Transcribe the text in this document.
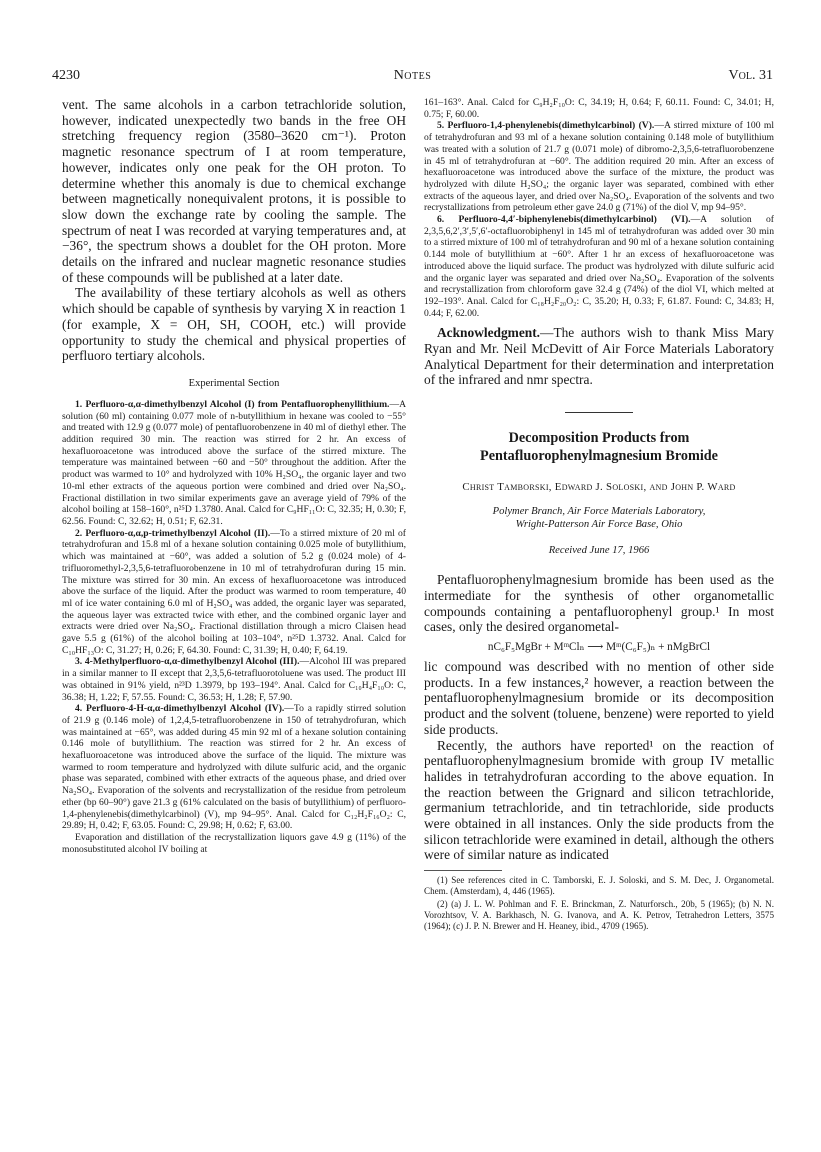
4230	Notes	Vol. 31

vent. The same alcohols in a carbon tetrachloride solution, however, indicated unexpectedly two bands in the free OH stretching frequency region (3580–3620 cm⁻¹). Proton magnetic resonance spectrum of I at room temperature, however, indicates only one peak for the OH proton. To determine whether this anomaly is due to chemical exchange between magnetically nonequivalent protons, it is possible to slow down the exchange rate by cooling the sample. The spectrum of neat I was recorded at varying temperatures and, at −36°, the spectrum shows a doublet for the OH proton. More details on the infrared and nuclear magnetic resonance studies of these compounds will be published at a later date.

The availability of these tertiary alcohols as well as others which should be capable of synthesis by varying X in reaction 1 (for example, X = OH, SH, COOH, etc.) will provide opportunity to study the chemical and physical properties of perfluoro tertiary alcohols.

Experimental Section

1. Perfluoro-α,α-dimethylbenzyl Alcohol (I) from Pentafluorophenyllithium.—A solution (60 ml) containing 0.077 mole of n-butyllithium in hexane was cooled to −55° and treated with 12.9 g (0.077 mole) of pentafluorobenzene in 40 ml of diethyl ether. The addition required 30 min. The reaction was stirred for 2 hr. An excess of hexafluoroacetone was introduced above the surface of the stirred mixture. The temperature was maintained between −60 and −50° throughout the addition. After the product was warmed to 10° and hydrolyzed with 10% H₂SO₄, the organic layer and two 10-ml ether extracts of the aqueous portion were combined and dried over Na₂SO₄. Fractional distillation in two similar experiments gave an average yield of 79% of the alcohol boiling at 158–160°, n²⁵D 1.3780. Anal. Calcd for C₉HF₁₁O: C, 32.35; H, 0.30; F, 62.56. Found: C, 32.62; H, 0.51; F, 62.31.

2. Perfluoro-α,α,p-trimethylbenzyl Alcohol (II).—To a stirred mixture of 20 ml of tetrahydrofuran and 15.8 ml of a hexane solution containing 0.025 mole of butyllithium, which was maintained at −60°, was added a solution of 5.2 g (0.024 mole) of 4-trifluoromethyl-2,3,5,6-tetrafluorobenzene in 10 ml of tetrahydrofuran during 15 min. The mixture was stirred for 30 min. An excess of hexafluoroacetone was introduced above the surface of the liquid. After the product was warmed to room temperature, 40 ml of ice water containing 6.0 ml of H₂SO₄ was added, the organic layer was separated, the aqueous layer was extracted twice with ether, and the combined organic layer and extracts were dried over Na₂SO₄. Fractional distillation through a micro Claisen head gave 5.5 g (61%) of the alcohol boiling at 103–104°, n²⁵D 1.3732. Anal. Calcd for C₁₀HF₁₃O: C, 31.27; H, 0.26; F, 64.30. Found: C, 31.39; H, 0.40; F, 64.19.

3. 4-Methylperfluoro-α,α-dimethylbenzyl Alcohol (III).—Alcohol III was prepared in a similar manner to II except that 2,3,5,6-tetrafluorotoluene was used. The product III was obtained in 91% yield, n²³D 1.3979, bp 193–194°. Anal. Calcd for C₁₀H₄F₁₀O: C, 36.38; H, 1.22; F, 57.55. Found: C, 36.53; H, 1.28; F, 57.90.

4. Perfluoro-4-H-α,α-dimethylbenzyl Alcohol (IV).—To a rapidly stirred solution of 21.9 g (0.146 mole) of 1,2,4,5-tetrafluorobenzene in 150 of tetrahydrofuran, which was maintained at −65°, was added during 45 min 92 ml of a hexane solution containing 0.146 mole of butyllithium. The reaction was stirred for 2 hr. An excess of hexafluoroacetone was introduced above the surface of the liquid. The mixture was warmed to room temperature and hydrolyzed with dilute sulfuric acid, and the organic phase was separated, combined with ether extracts of the aqueous phase, and dried over Na₂SO₄. Evaporation of the solvents and recrystallization of the residue from petroleum ether (bp 60–90°) gave 21.3 g (61% calculated on the basis of butyllithium) of perfluoro-1,4-phenylenebis(dimethylcarbinol) (V), mp 94–95°. Anal. Calcd for C₁₂H₂F₁₆O₂: C, 29.89; H, 0.42; F, 63.05. Found: C, 29.98; H, 0.62; F, 63.00.

Evaporation and distillation of the recrystallization liquors gave 4.9 g (11%) of the monosubstituted alcohol IV boiling at

161–163°. Anal. Calcd for C₉H₂F₁₀O: C, 34.19; H, 0.64; F, 60.11. Found: C, 34.01; H, 0.75; F, 60.00.

5. Perfluoro-1,4-phenylenebis(dimethylcarbinol) (V).—A stirred mixture of 100 ml of tetrahydrofuran and 93 ml of a hexane solution containing 0.148 mole of butyllithium was treated with a solution of 21.7 g (0.071 mole) of dibromo-2,3,5,6-tetrafluorobenzene in 45 ml of tetrahydrofuran at −60°. The addition required 20 min. After an excess of hexafluoroacetone was introduced above the surface of the mixture, the product was hydrolyzed with dilute H₂SO₄; the organic layer was separated, combined with ether extracts of the aqueous layer, and dried over Na₂SO₄. Evaporation of the solvents and two recrystallizations from petroleum ether gave 24.0 g (71%) of the diol V, mp 94–95°.

6. Perfluoro-4,4′-biphenylenebis(dimethylcarbinol) (VI).—A solution of 2,3,5,6,2′,3′,5′,6′-octafluorobiphenyl in 145 ml of tetrahydrofuran was added over 30 min to a stirred mixture of 100 ml of tetrahydrofuran and 90 ml of a hexane solution containing 0.144 mole of butyllithium at −60°. After 1 hr an excess of hexafluoroacetone was introduced above the liquid surface. The product was hydrolyzed with dilute sulfuric acid and the organic layer was separated and dried over Na₂SO₄. Evaporation of the solvents and recrystallization from chloroform gave 32.4 g (74%) of the diol VI, which melted at 192–193°. Anal. Calcd for C₁₈H₂F₂₀O₂: C, 35.20; H, 0.33; F, 61.87. Found: C, 34.83; H, 0.44; F, 62.00.

Acknowledgment.—The authors wish to thank Miss Mary Ryan and Mr. Neil McDevitt of Air Force Materials Laboratory Analytical Department for their determination and interpretation of the infrared and nmr spectra.

Decomposition Products from

Pentafluorophenylmagnesium Bromide

Christ Tamborski, Edward J. Soloski, and John P. Ward

Polymer Branch, Air Force Materials Laboratory,

Wright-Patterson Air Force Base, Ohio

Received June 17, 1966

Pentafluorophenylmagnesium bromide has been used as the intermediate for the synthesis of other organometallic compounds containing a pentafluorophenyl group.¹ In most cases, only the desired organometal-

nC₆F₅MgBr + MᵐClₙ ⟶ Mᵐ(C₆F₅)ₙ + nMgBrCl

lic compound was described with no mention of other side products. In a few instances,² however, a reaction between the pentafluorophenylmagnesium bromide or its decomposition product and the solvent (toluene, benzene) were reported to yield side products.

Recently, the authors have reported¹ on the reaction of pentafluorophenylmagnesium bromide with group IV metallic halides in tetrahydrofuran according to the above equation. In the reaction between the Grignard and silicon tetrachloride, germanium tetrachloride, and tin tetrachloride, side products were obtained in all instances. Only the side products from the silicon tetrachloride were examined in detail, although the others were of similar nature as indicated

(1) See references cited in C. Tamborski, E. J. Soloski, and S. M. Dec, J. Organometal. Chem. (Amsterdam), 4, 446 (1965).

(2) (a) J. L. W. Pohlman and F. E. Brinckman, Z. Naturforsch., 20b, 5 (1965); (b) N. N. Vorozhtsov, V. A. Barkhasch, N. G. Ivanova, and A. K. Petrov, Tetrahedron Letters, 3575 (1964); (c) J. P. N. Brewer and H. Heaney, ibid., 4709 (1965).
